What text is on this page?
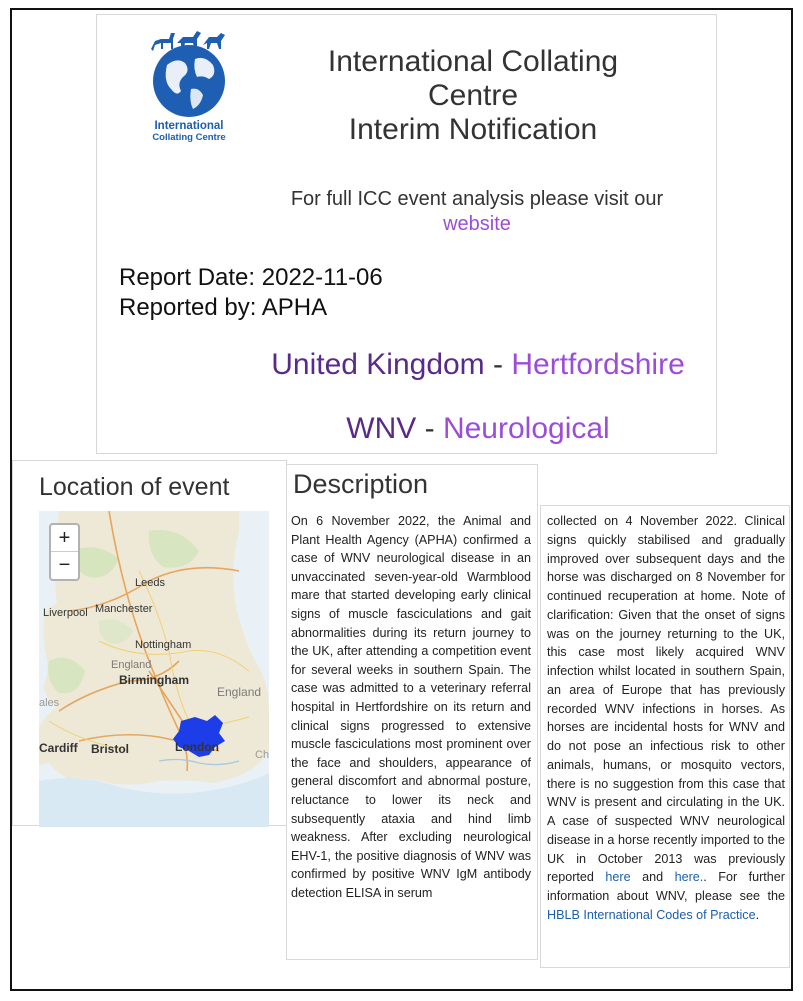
International
Collating Centre
International Collating
Centre
Interim Notification
For full ICC event analysis please visit our
website
Report Date: 2022-11-06
Reported by: APHA
United Kingdom - Hertfordshire
WNV - Neurological
Location of event
+
−
Leeds
Liverpool Manchester
Nottingham
England
Birmingham
England
ales
Cardiff Bristol	London
Ch
Description
On 6 November 2022, the Animal and Plant Health Agency (APHA) confirmed a case of WNV neurological disease in an unvaccinated seven-year-old Warmblood mare that started developing early clinical signs of muscle fasciculations and gait abnormalities during its return journey to the UK, after attending a competition event for several weeks in southern Spain. The case was admitted to a veterinary referral hospital in Hertfordshire on its return and clinical signs progressed to extensive muscle fasciculations most prominent over the face and shoulders, appearance of general discomfort and abnormal posture, reluctance to lower its neck and subsequently ataxia and hind limb weakness. After excluding neurological EHV-1, the positive diagnosis of WNV was confirmed by positive WNV IgM antibody detection ELISA in serum
collected on 4 November 2022. Clinical signs quickly stabilised and gradually improved over subsequent days and the horse was discharged on 8 November for continued recuperation at home. Note of clarification: Given that the onset of signs was on the journey returning to the UK, this case most likely acquired WNV infection whilst located in southern Spain, an area of Europe that has previously recorded WNV infections in horses. As horses are incidental hosts for WNV and do not pose an infectious risk to other animals, humans, or mosquito vectors, there is no suggestion from this case that WNV is present and circulating in the UK. A case of suspected WNV neurological disease in a horse recently imported to the UK in October 2013 was previously reported here and here.. For further information about WNV, please see the HBLB International Codes of Practice.
